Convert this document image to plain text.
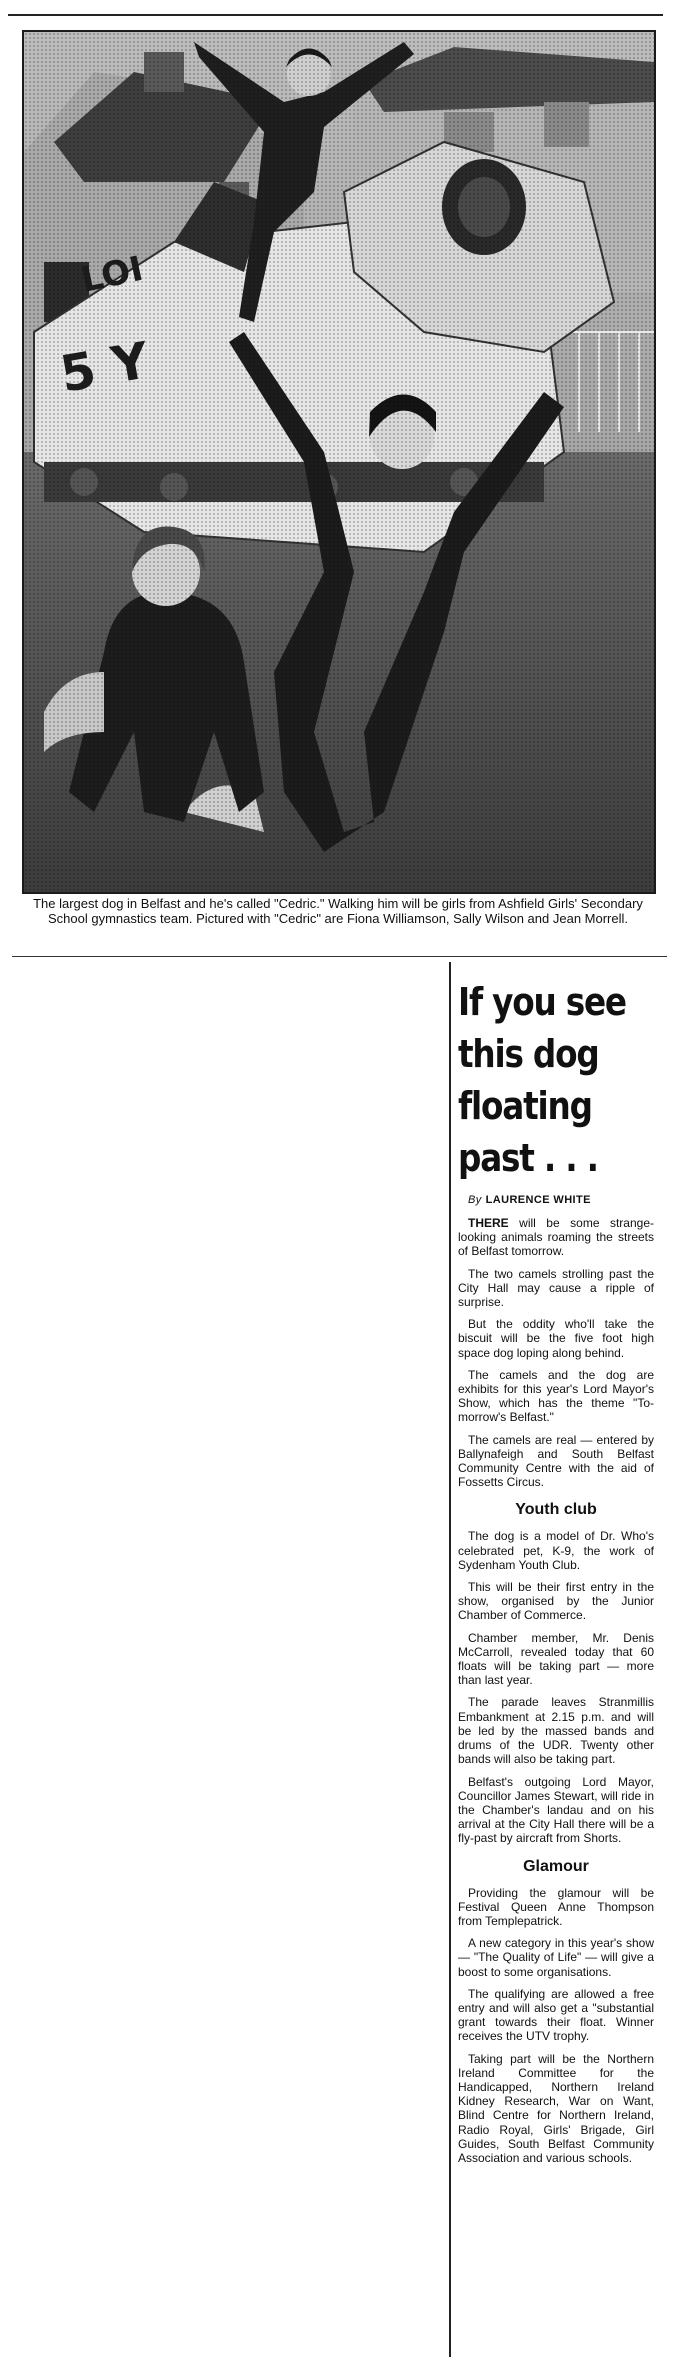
The largest dog in Belfast and he's called "Cedric." Walking him will be girls from Ashfield Girls' Secondary School gymnastics team. Pictured with "Cedric" are Fiona Williamson, Sally Wilson and Jean Morrell.
If you see this dog floating past . . .
By LAURENCE WHITE

THERE will be some strange-looking animals roaming the streets of Belfast tomorrow.

The two camels strolling past the City Hall may cause a ripple of surprise.

But the oddity who'll take the biscuit will be the five foot high space dog loping along behind.

The camels and the dog are exhibits for this year's Lord Mayor's Show, which has the theme "To-morrow's Belfast."

The camels are real — entered by Ballynafeigh and South Belfast Community Centre with the aid of Fossetts Circus.

Youth club

The dog is a model of Dr. Who's celebrated pet, K-9, the work of Sydenham Youth Club.

This will be their first entry in the show, organised by the Junior Chamber of Commerce.

Chamber member, Mr. Denis McCarroll, revealed today that 60 floats will be taking part — more than last year.

The parade leaves Stranmillis Embankment at 2.15 p.m. and will be led by the massed bands and drums of the UDR. Twenty other bands will also be taking part.

Belfast's outgoing Lord Mayor, Councillor James Stewart, will ride in the Chamber's landau and on his arrival at the City Hall there will be a fly-past by aircraft from Shorts.

Glamour

Providing the glamour will be Festival Queen Anne Thompson from Templepatrick.

A new category in this year's show — "The Quality of Life" — will give a boost to some organisations.

The qualifying are allowed a free entry and will also get a "substantial grant towards their float. Winner receives the UTV trophy.

Taking part will be the Northern Ireland Committee for the Handicapped, Northern Ireland Kidney Research, War on Want, Blind Centre for Northern Ireland, Radio Royal, Girls' Brigade, Girl Guides, South Belfast Community Association and various schools.
